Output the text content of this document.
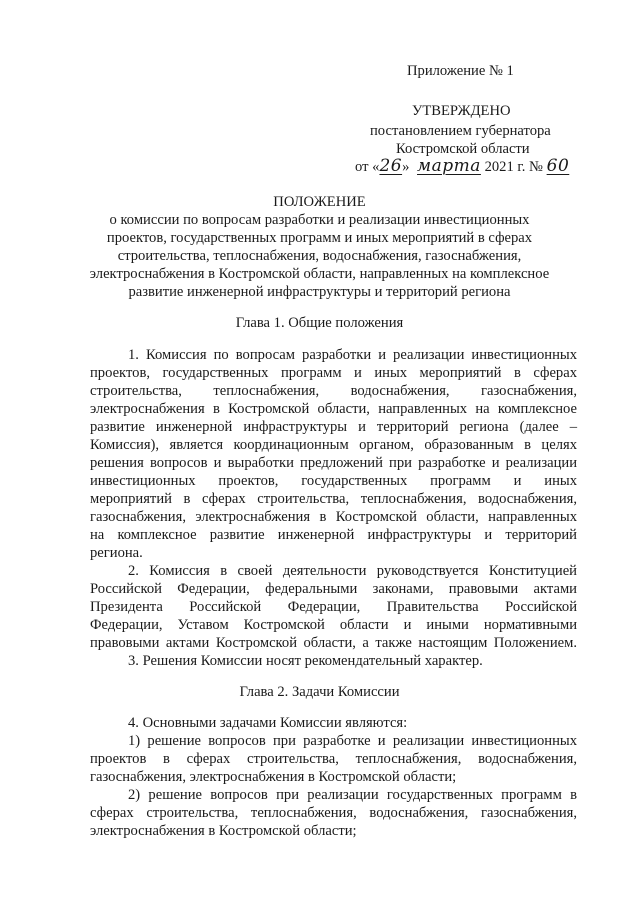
Приложение № 1
УТВЕРЖДЕНО
постановлением губернатора
Костромской области
от «26» марта 2021 г. № 60
ПОЛОЖЕНИЕ
о комиссии по вопросам разработки и реализации инвестиционных
проектов, государственных программ и иных мероприятий в сферах
строительства, теплоснабжения, водоснабжения, газоснабжения,
электроснабжения в Костромской области, направленных на комплексное
развитие инженерной инфраструктуры и территорий региона
Глава 1. Общие положения
1. Комиссия по вопросам разработки и реализации инвестиционных
проектов, государственных программ и иных мероприятий в сферах
строительства, теплоснабжения, водоснабжения, газоснабжения,
электроснабжения в Костромской области, направленных на комплексное
развитие инженерной инфраструктуры и территорий региона (далее –
Комиссия), является координационным органом, образованным в целях
решения вопросов и выработки предложений при разработке и реализации
инвестиционных проектов, государственных программ и иных
мероприятий в сферах строительства, теплоснабжения, водоснабжения,
газоснабжения, электроснабжения в Костромской области, направленных
на комплексное развитие инженерной инфраструктуры и территорий
региона.
2. Комиссия в своей деятельности руководствуется Конституцией
Российской Федерации, федеральными законами, правовыми актами
Президента Российской Федерации, Правительства Российской
Федерации, Уставом Костромской области и иными нормативными
правовыми актами Костромской области, а также настоящим Положением.
3. Решения Комиссии носят рекомендательный характер.
Глава 2. Задачи Комиссии
4. Основными задачами Комиссии являются:
1) решение вопросов при разработке и реализации инвестиционных
проектов в сферах строительства, теплоснабжения, водоснабжения,
газоснабжения, электроснабжения в Костромской области;
2) решение вопросов при реализации государственных программ в
сферах строительства, теплоснабжения, водоснабжения, газоснабжения,
электроснабжения в Костромской области;
